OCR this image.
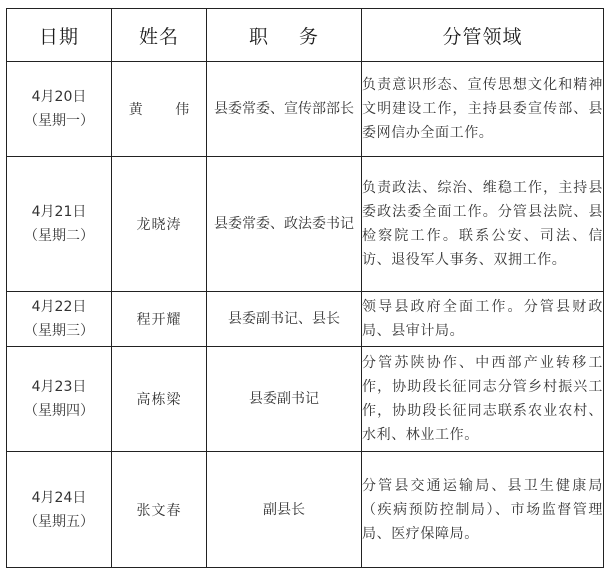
日期	姓名	职 务	分管领域

4月20日
（星期一）	黄 伟	县委常委、宣传部部长	负责意识形态、宣传思想文化和精神文明建设工作，主持县委宣传部、县委网信办全面工作。

4月21日
（星期二）	龙晓涛	县委常委、政法委书记	负责政法、综治、维稳工作，主持县委政法委全面工作。分管县法院、县检察院工作。联系公安、司法、信访、退役军人事务、双拥工作。

4月22日
（星期三）	程开耀	县委副书记、县长	领导县政府全面工作。分管县财政局、县审计局。

4月23日
（星期四）	高栋梁	县委副书记	分管苏陕协作、中西部产业转移工作，协助段长征同志分管乡村振兴工作，协助段长征同志联系农业农村、水利、林业工作。

4月24日
（星期五）	张文春	副县长	分管县交通运输局、县卫生健康局（疾病预防控制局）、市场监督管理局、医疗保障局。
